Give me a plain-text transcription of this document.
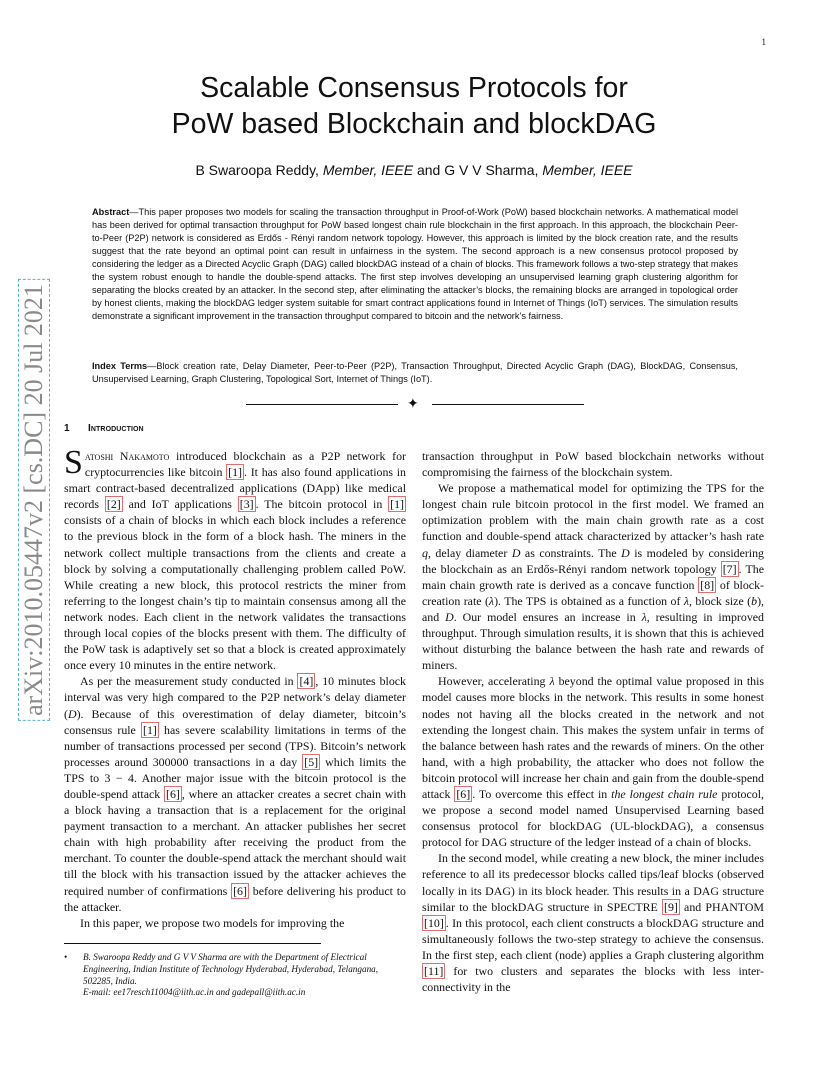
1
arXiv:2010.05447v2 [cs.DC] 20 Jul 2021
Scalable Consensus Protocols for
PoW based Blockchain and blockDAG
B Swaroopa Reddy, Member, IEEE and G V V Sharma, Member, IEEE
Abstract—This paper proposes two models for scaling the transaction throughput in Proof-of-Work (PoW) based blockchain networks. A mathematical model has been derived for optimal transaction throughput for PoW based longest chain rule blockchain in the first approach. In this approach, the blockchain Peer-to-Peer (P2P) network is considered as Erdős - Rényi random network topology. However, this approach is limited by the block creation rate, and the results suggest that the rate beyond an optimal point can result in unfairness in the system. The second approach is a new consensus protocol proposed by considering the ledger as a Directed Acyclic Graph (DAG) called blockDAG instead of a chain of blocks. This framework follows a two-step strategy that makes the system robust enough to handle the double-spend attacks. The first step involves developing an unsupervised learning graph clustering algorithm for separating the blocks created by an attacker. In the second step, after eliminating the attacker’s blocks, the remaining blocks are arranged in topological order by honest clients, making the blockDAG ledger system suitable for smart contract applications found in Internet of Things (IoT) services. The simulation results demonstrate a significant improvement in the transaction throughput compared to bitcoin and the network’s fairness.
Index Terms—Block creation rate, Delay Diameter, Peer-to-Peer (P2P), Transaction Throughput, Directed Acyclic Graph (DAG), BlockDAG, Consensus, Unsupervised Learning, Graph Clustering, Topological Sort, Internet of Things (IoT).
✦
1 Introduction

Satoshi Nakamoto introduced blockchain as a P2P network for cryptocurrencies like bitcoin [1] . It has also found applications in smart contract-based decentralized applications (DApp) like medical records [2] and IoT applications [3] . The bitcoin protocol in [1] consists of a chain of blocks in which each block includes a reference to the previous block in the form of a block hash. The miners in the network collect multiple transactions from the clients and create a block by solving a computationally challenging problem called PoW. While creating a new block, this protocol restricts the miner from referring to the longest chain’s tip to maintain consensus among all the network nodes. Each client in the network validates the transactions through local copies of the blocks present with them. The difficulty of the PoW task is adaptively set so that a block is created approximately once every 10 minutes in the entire network.

As per the measurement study conducted in [4] , 10 minutes block interval was very high compared to the P2P network’s delay diameter (D). Because of this overestimation of delay diameter, bitcoin’s consensus rule [1] has severe scalability limitations in terms of the number of transactions processed per second (TPS). Bitcoin’s network processes around 300000 transactions in a day [5] which limits the TPS to 3 − 4. Another major issue with the bitcoin protocol is the double-spend attack [6] , where an attacker creates a secret chain with a block having a transaction that is a replacement for the original payment transaction to a merchant. An attacker publishes her secret chain with high probability after receiving the product from the merchant. To counter the double-spend attack the merchant should wait till the block with his transaction issued by the attacker achieves the required number of confirmations [6] before delivering his product to the attacker.

In this paper, we propose two models for improving the

transaction throughput in PoW based blockchain networks without compromising the fairness of the blockchain system.

We propose a mathematical model for optimizing the TPS for the longest chain rule bitcoin protocol in the first model. We framed an optimization problem with the main chain growth rate as a cost function and double-spend attack characterized by attacker’s hash rate q, delay diameter D as constraints. The D is modeled by considering the blockchain as an Erdős-Rényi random network topology [7] . The main chain growth rate is derived as a concave function [8] of block-creation rate (λ). The TPS is obtained as a function of λ, block size (b), and D. Our model ensures an increase in λ, resulting in improved throughput. Through simulation results, it is shown that this is achieved without disturbing the balance between the hash rate and rewards of miners.

However, accelerating λ beyond the optimal value proposed in this model causes more blocks in the network. This results in some honest nodes not having all the blocks created in the network and not extending the longest chain. This makes the system unfair in terms of the balance between hash rates and the rewards of miners. On the other hand, with a high probability, the attacker who does not follow the bitcoin protocol will increase her chain and gain from the double-spend attack [6] . To overcome this effect in the longest chain rule protocol, we propose a second model named Unsupervised Learning based consensus protocol for blockDAG (UL-blockDAG), a consensus protocol for DAG structure of the ledger instead of a chain of blocks.

In the second model, while creating a new block, the miner includes reference to all its predecessor blocks called tips/leaf blocks (observed locally in its DAG) in its block header. This results in a DAG structure similar to the blockDAG structure in SPECTRE [9] and PHANTOM [10] . In this protocol, each client constructs a blockDAG structure and simultaneously follows the two-step strategy to achieve the consensus. In the first step, each client (node) applies a Graph clustering algorithm [11] for two clusters and separates the blocks with less inter-connectivity in the

• B. Swaroopa Reddy and G V V Sharma are with the Department of Electrical Engineering, Indian Institute of Technology Hyderabad, Hyderabad, Telangana, 502285, India.
E-mail: ee17resch11004@iith.ac.in and gadepall@iith.ac.in
